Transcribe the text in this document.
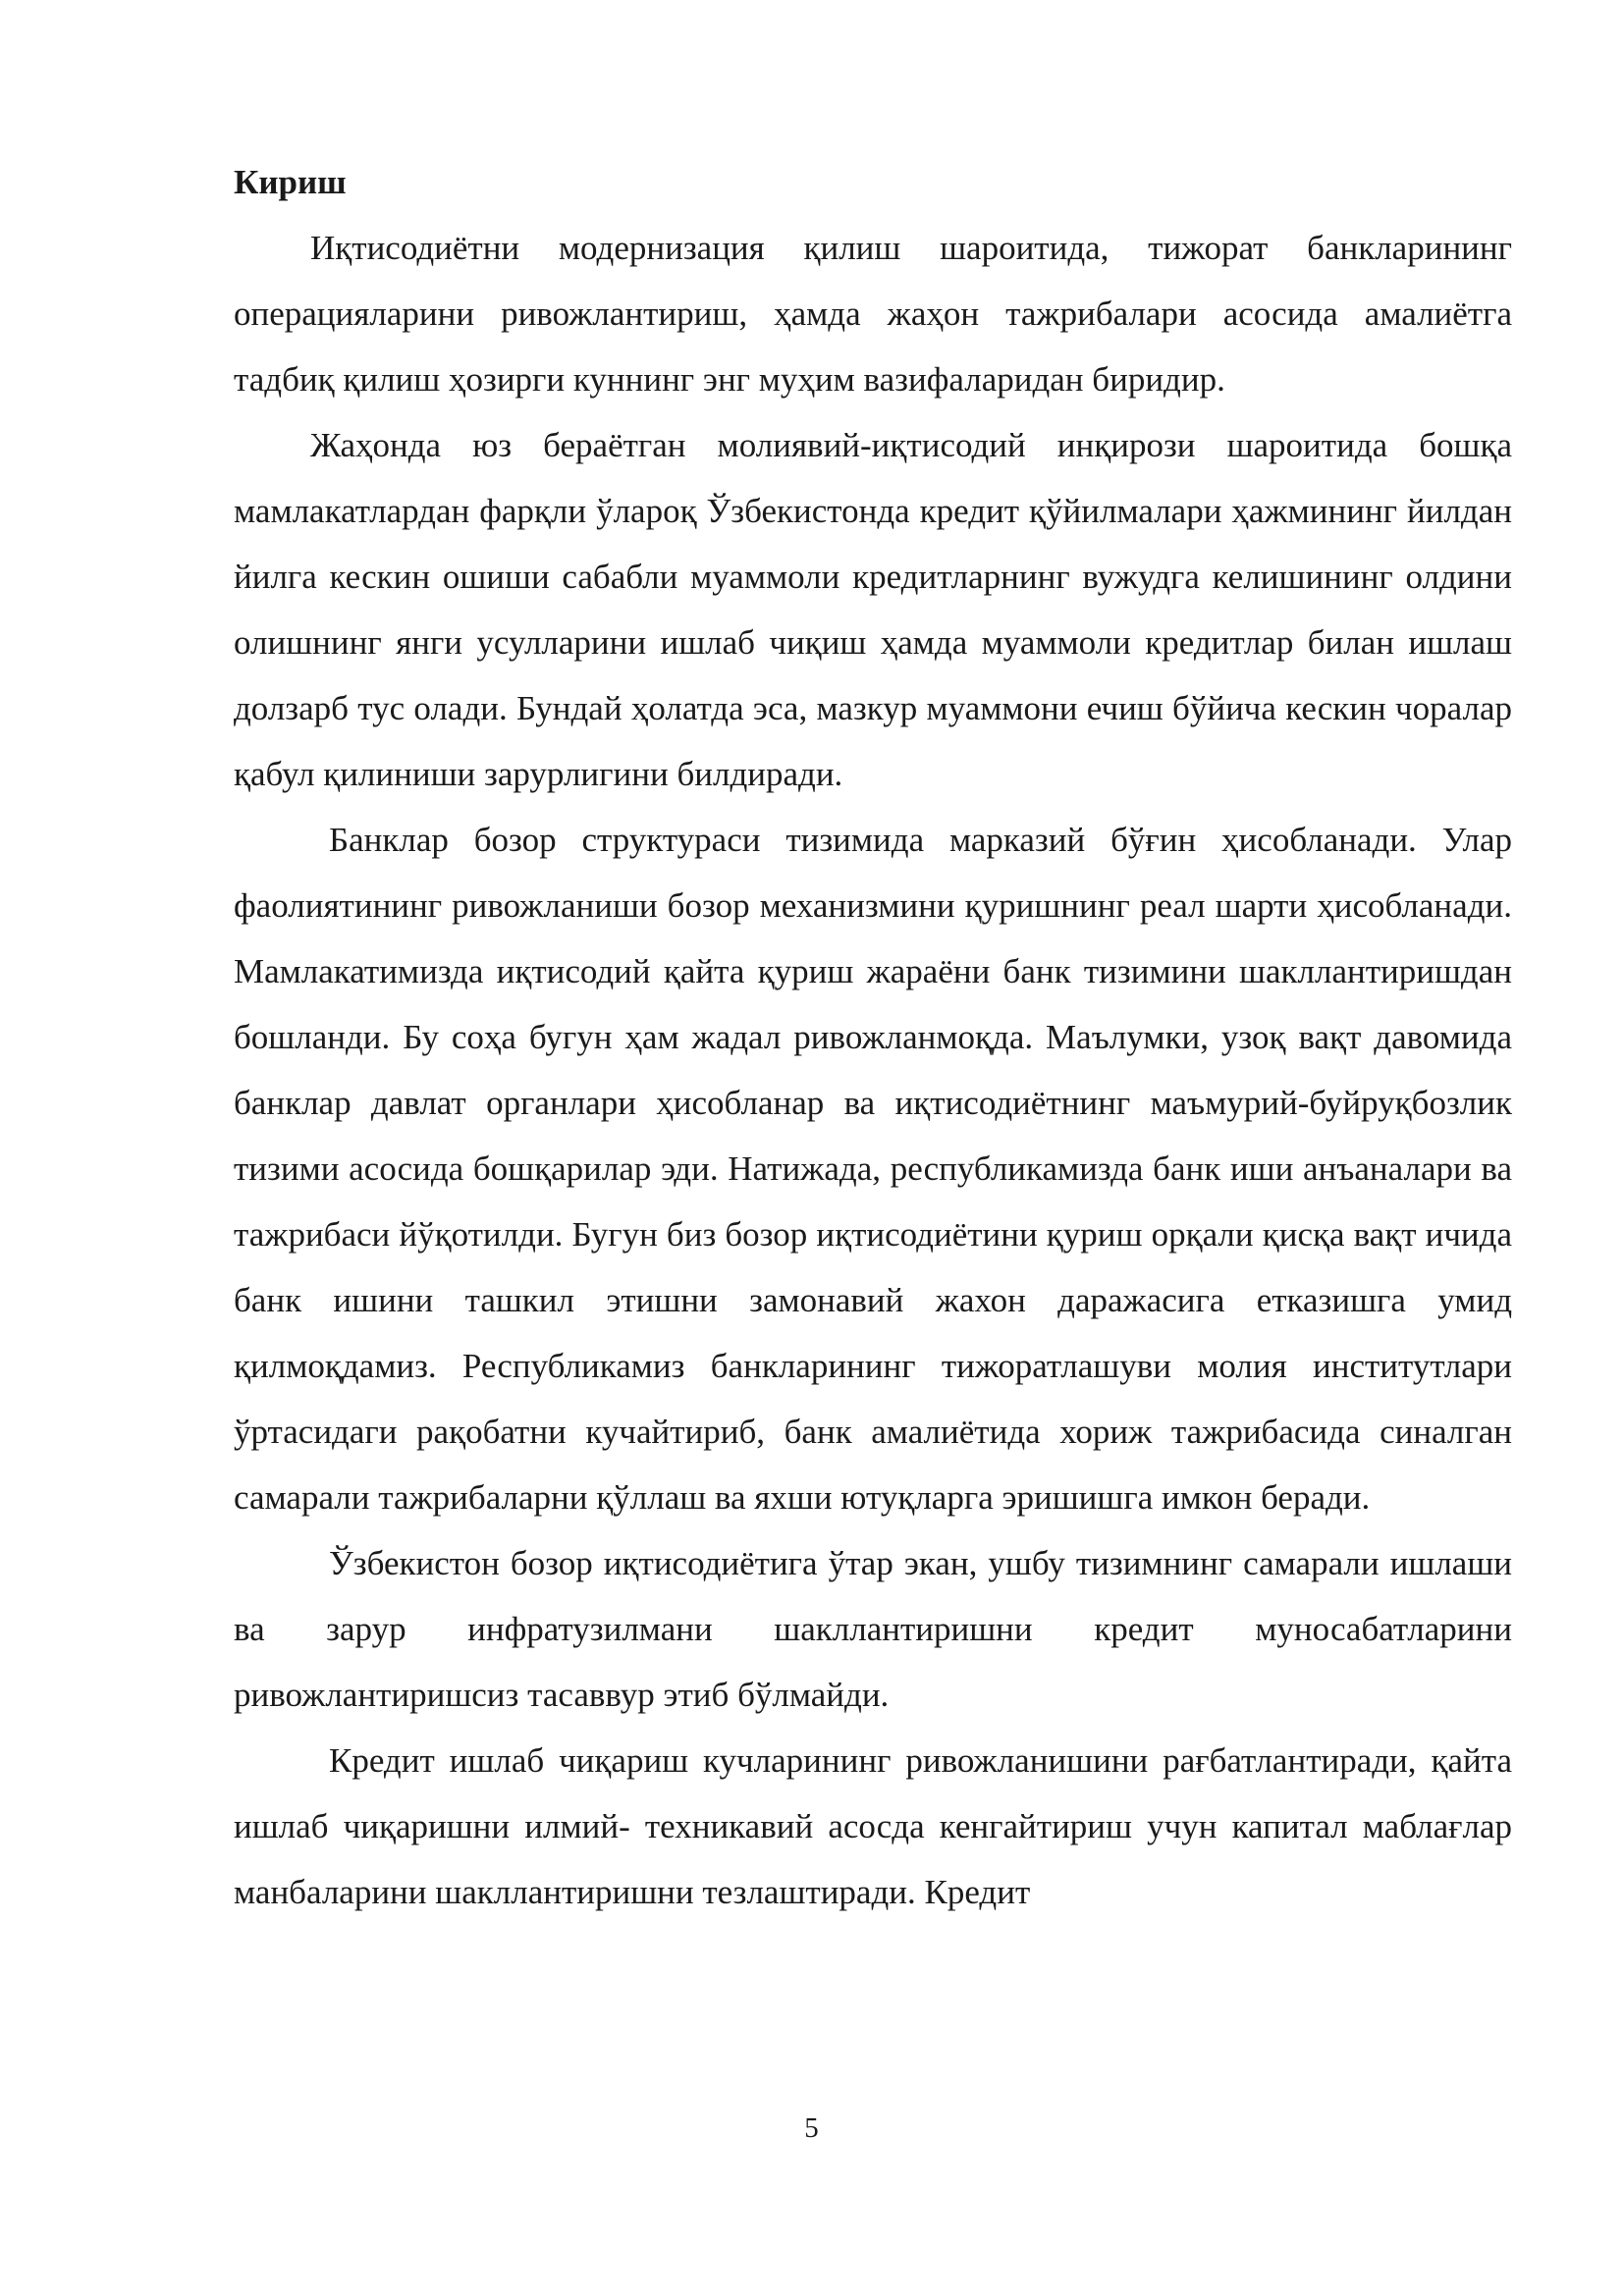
Кириш

Иқтисодиётни модернизация қилиш шароитида, тижорат банкларининг операцияларини ривожлантириш, ҳамда жаҳон тажрибалари асосида амалиётга тадбиқ қилиш ҳозирги куннинг энг муҳим вазифаларидан биридир.

Жаҳонда юз бераётган молиявий-иқтисодий инқирози шароитида бошқа мамлакатлардан фарқли ўлароқ Ўзбекистонда кредит қўйилмалари ҳажмининг йилдан йилга кескин ошиши сабабли муаммоли кредитларнинг вужудга келишининг олдини олишнинг янги усулларини ишлаб чиқиш ҳамда муаммоли кредитлар билан ишлаш долзарб тус олади. Бундай ҳолатда эса, мазкур муаммони ечиш бўйича кескин чоралар қабул қилиниши зарурлигини билдиради.

Банклар бозор структураси тизимида марказий бўғин ҳисобланади. Улар фаолиятининг ривожланиши бозор механизмини қуришнинг реал шарти ҳисобланади. Мамлакатимизда иқтисодий қайта қуриш жараёни банк тизимини шакллантиришдан бошланди. Бу соҳа бугун ҳам жадал ривожланмоқда. Маълумки, узоқ вақт давомида банклар давлат органлари ҳисобланар ва иқтисодиётнинг маъмурий-буйруқбозлик тизими асосида бошқарилар эди. Натижада, республикамизда банк иши анъаналари ва тажрибаси йўқотилди. Бугун биз бозор иқтисодиётини қуриш орқали қисқа вақт ичида банк ишини ташкил этишни замонавий жахон даражасига етказишга умид қилмоқдамиз. Республикамиз банкларининг тижоратлашуви молия институтлари ўртасидаги рақобатни кучайтириб, банк амалиётида хориж тажрибасида синалган самарали тажрибаларни қўллаш ва яхши ютуқларга эришишга имкон беради.

Ўзбекистон бозор иқтисодиётига ўтар экан, ушбу тизимнинг самарали ишлаши ва зарур инфратузилмани шакллантиришни кредит муносабатларини ривожлантиришсиз тасаввур этиб бўлмайди.

Кредит ишлаб чиқариш кучларининг ривожланишини рағбатлантиради, қайта ишлаб чиқаришни илмий- техникавий асосда кенгайтириш учун капитал маблағлар манбаларини шакллантиришни тезлаштиради. Кредит

5
